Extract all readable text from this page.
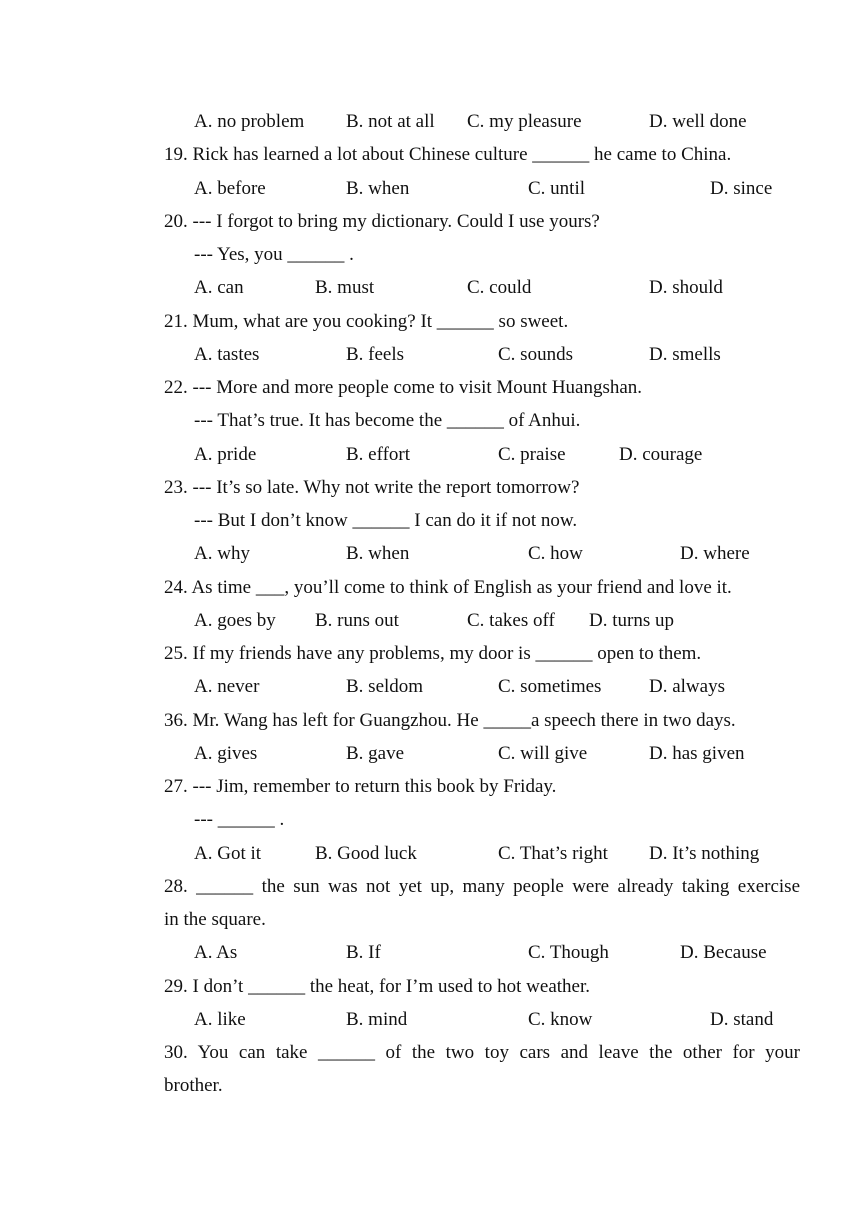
A. no problem B. not at all C. my pleasure	D. well done
19. Rick has learned a lot about Chinese culture ______ he came to China.
A. before	B. when	C. until	D. since
20. --- I forgot to bring my dictionary. Could I use yours?
--- Yes, you ______ .
A. can	B. must	C. could	D. should
21. Mum, what are you cooking? It ______ so sweet.
A. tastes	B. feels	C. sounds	D. smells
22. --- More and more people come to visit Mount Huangshan.
--- That’s true. It has become the ______ of Anhui.
A. pride	B. effort	C. praise	D. courage
23. --- It’s so late. Why not write the report tomorrow?
--- But I don’t know ______ I can do it if not now.
A. why	B. when	C. how	D. where
24. As time ___, you’ll come to think of English as your friend and love it.
A. goes by B. runs out	C. takes off D. turns up
25. If my friends have any problems, my door is ______ open to them.
A. never	B. seldom	C. sometimes	D. always
36. Mr. Wang has left for Guangzhou. He _____a speech there in two days.
A. gives	B. gave	C. will give	D. has given
27. --- Jim, remember to return this book by Friday.
--- ______ .
A. Got it	B. Good luck	C. That’s right D. It’s nothing
28. ______ the sun was not yet up, many people were already taking exercise
in the square.
A. As	B. If	C. Though	D. Because
29. I don’t ______ the heat, for I’m used to hot weather.
A. like	B. mind	C. know	D. stand
30. You can take ______ of the two toy cars and leave the other for your
brother.
